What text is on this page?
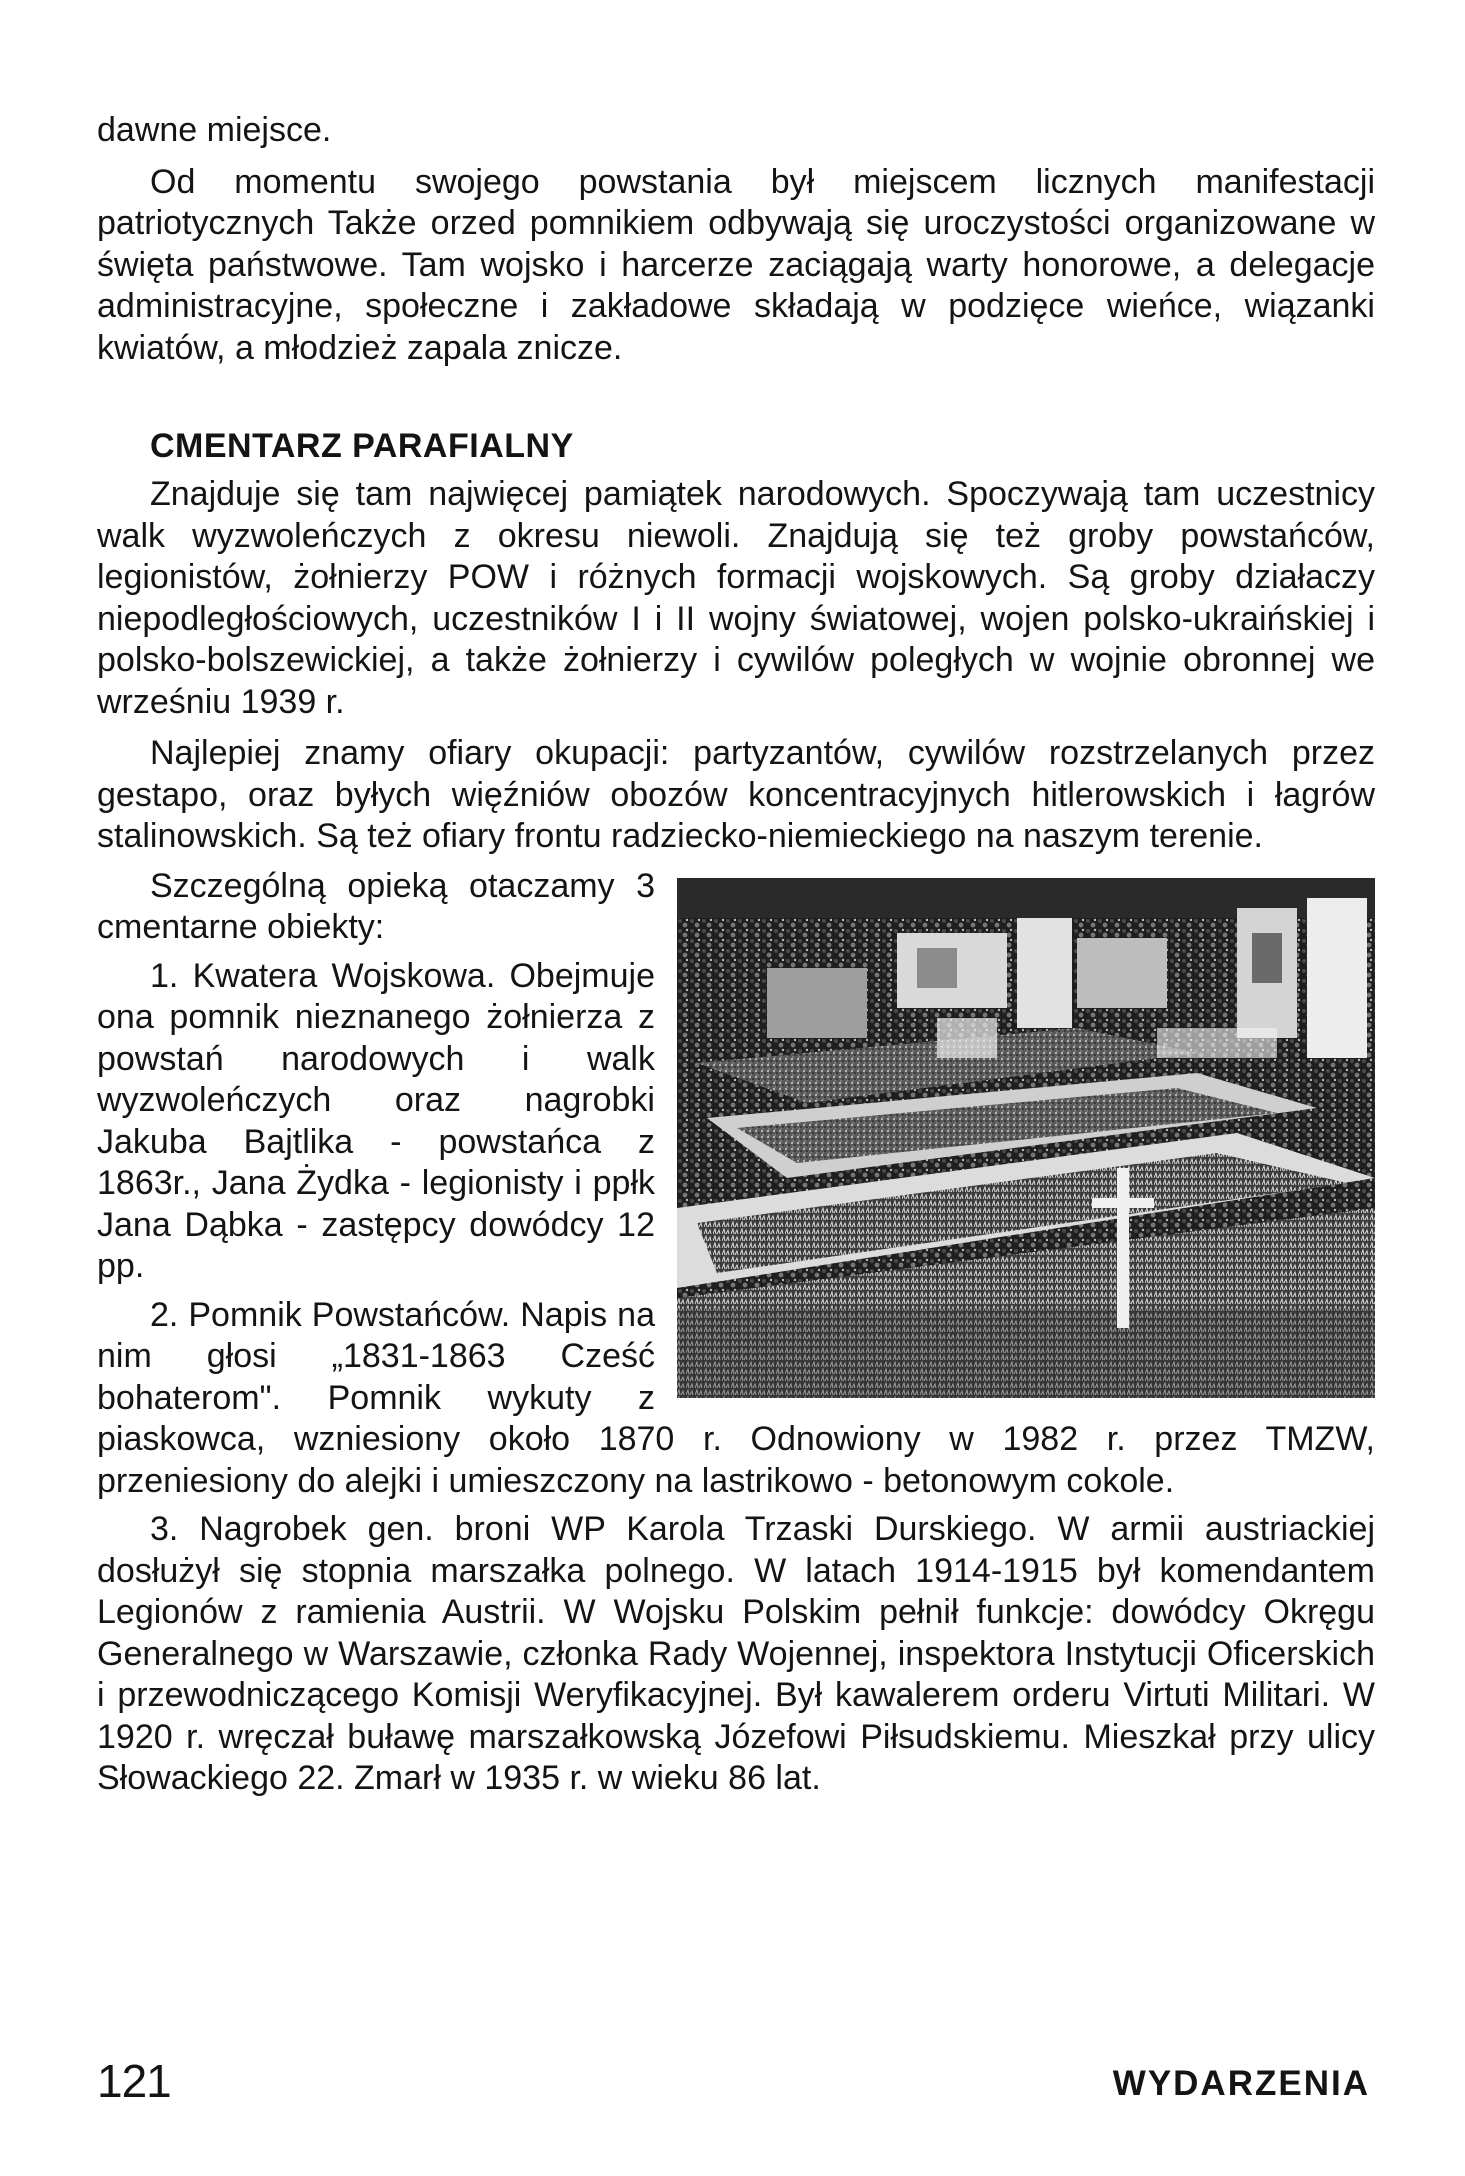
dawne miejsce.

Od momentu swojego powstania był miejscem licznych manifestacji patriotycznych Także orzed pomnikiem odbywają się uroczystości organizowane w święta państwowe. Tam wojsko i harcerze zaciągają warty honorowe, a delegacje administracyjne, społeczne i zakładowe składają w podzięce wieńce, wiązanki kwiatów, a młodzież zapala znicze.

CMENTARZ PARAFIALNY

Znajduje się tam najwięcej pamiątek narodowych. Spoczywają tam uczestnicy walk wyzwoleńczych z okresu niewoli. Znajdują się też groby powstańców, legionistów, żołnierzy POW i różnych formacji wojskowych. Są groby działaczy niepodległościowych, uczestników I i II wojny światowej, wojen polsko-ukraińskiej i polsko-bolszewickiej, a także żołnierzy i cywilów poległych w wojnie obronnej we wrześniu 1939 r.

Najlepiej znamy ofiary okupacji: partyzantów, cywilów rozstrzelanych przez gestapo, oraz byłych więźniów obozów koncentracyjnych hitlerowskich i łagrów stalinowskich. Są też ofiary frontu radziecko-niemieckiego na naszym terenie.

Szczególną opieką otaczamy 3 cmentarne obiekty:

1. Kwatera Wojskowa. Obejmuje ona pomnik nieznanego żołnierza z powstań narodowych i walk wyzwoleńczych oraz nagrobki Jakuba Bajtlika - powstańca z 1863r., Jana Żydka - legionisty i ppłk Jana Dąbka - zastępcy dowódcy 12 pp.

2. Pomnik Powstańców. Napis na nim głosi „1831-1863 Cześć bohaterom". Pomnik wykuty z piaskowca, wzniesiony około 1870 r. Odnowiony w 1982 r. przez TMZW, przeniesiony do alejki i umieszczony na lastrikowo - betonowym cokole.

3. Nagrobek gen. broni WP Karola Trzaski Durskiego. W armii austriackiej dosłużył się stopnia marszałka polnego. W latach 1914-1915 był komendantem Legionów z ramienia Austrii. W Wojsku Polskim pełnił funkcje: dowódcy Okręgu Generalnego w Warszawie, członka Rady Wojennej, inspektora Instytucji Oficerskich i przewodniczącego Komisji Weryfikacyjnej. Był kawalerem orderu Virtuti Militari. W 1920 r. wręczał buławę marszałkowską Józefowi Piłsudskiemu. Mieszkał przy ulicy Słowackiego 22. Zmarł w 1935 r. w wieku 86 lat.

121	WYDARZENIA
